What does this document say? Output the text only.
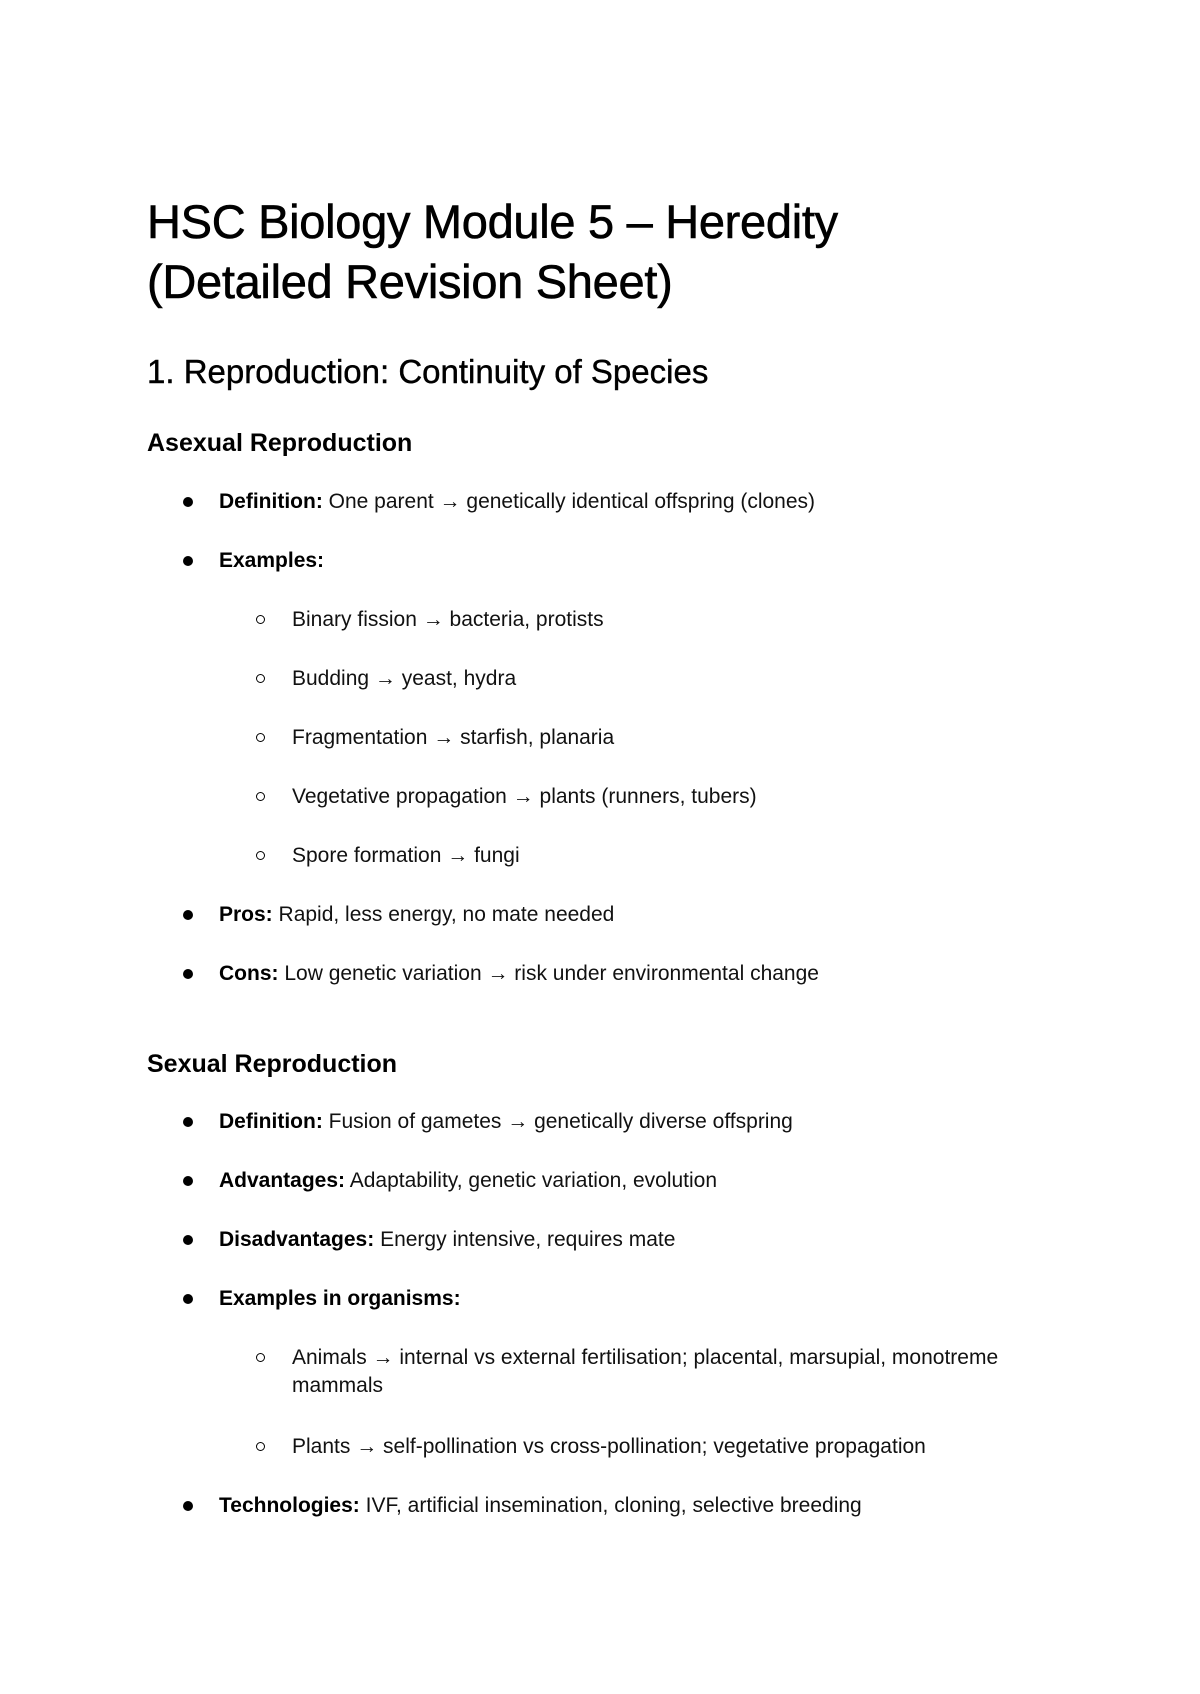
HSC Biology Module 5 – Heredity
(Detailed Revision Sheet)
1. Reproduction: Continuity of Species
Asexual Reproduction
Definition: One parent → genetically identical offspring (clones)
Examples:
Binary fission → bacteria, protists
Budding → yeast, hydra
Fragmentation → starfish, planaria
Vegetative propagation → plants (runners, tubers)
Spore formation → fungi
Pros: Rapid, less energy, no mate needed
Cons: Low genetic variation → risk under environmental change
Sexual Reproduction
Definition: Fusion of gametes → genetically diverse offspring
Advantages: Adaptability, genetic variation, evolution
Disadvantages: Energy intensive, requires mate
Examples in organisms:
Animals → internal vs external fertilisation; placental, marsupial, monotreme mammals
Plants → self-pollination vs cross-pollination; vegetative propagation
Technologies: IVF, artificial insemination, cloning, selective breeding
